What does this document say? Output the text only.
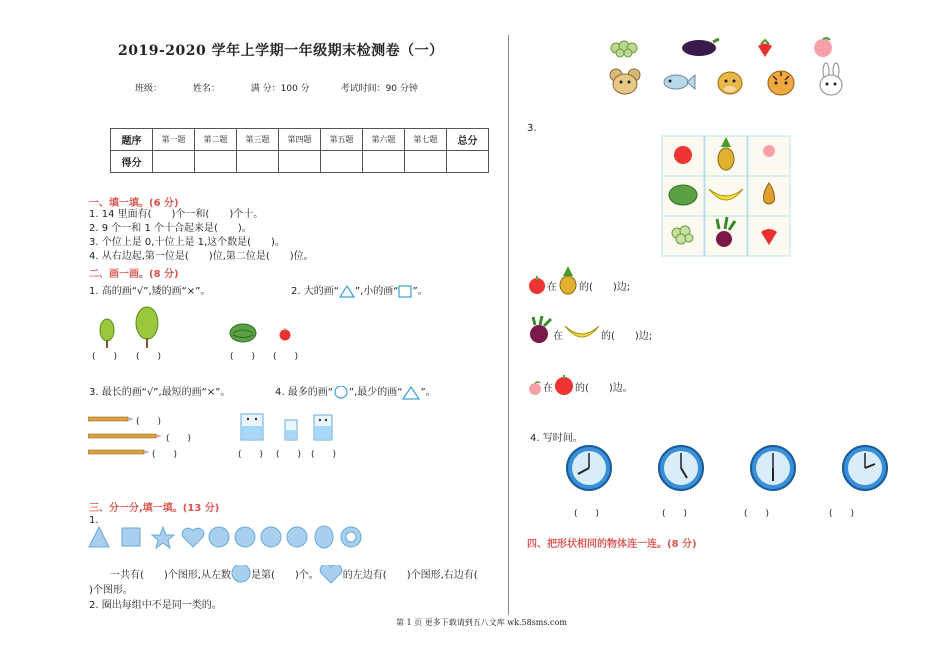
2019-2020 学年上学期一年级期末检测卷（一）
班级：	姓名：	满 分：100 分	考试时间：90 分钟
题序	第一题	第二题	第三题	第四题	第五题	第六题	第七题	总分
得分								
一、填一填。(6 分)
1. 14 里面有(　　)个一和(　　)个十。
2. 9 个一和 1 个十合起来是(　　)。
3. 个位上是 0,十位上是 1,这个数是(　　)。
4. 从右边起,第一位是(　　)位,第二位是(　　)位。
二、画一画。(8 分)
1. 高的画“√”,矮的画“×”。	2. 大的画“ ”,小的画“ ”。
(　　) (　　)	(　　) (　　)
3. 最长的画“√”,最短的画“×”。	4. 最多的画“ ”,最少的画“ ”。
(　　)
(　　)
(　　)	(　　) (　　) (　　)
三、分一分,填一填。(13 分)
1.
一共有(　　)个图形,从左数 是第(　　)个。 的左边有(　　)个图形,右边有(
)个图形。
2. 圈出每组中不是同一类的。
3.
在 的(　　)边;
在	的(　　)边;
在 的(　　)边。
4. 写时间。
(　　)	(　　)	(　　)	(　　)
四、把形状相同的物体连一连。(8 分)
第 1 页 更多下载请到五八文库 wk.58sms.com
